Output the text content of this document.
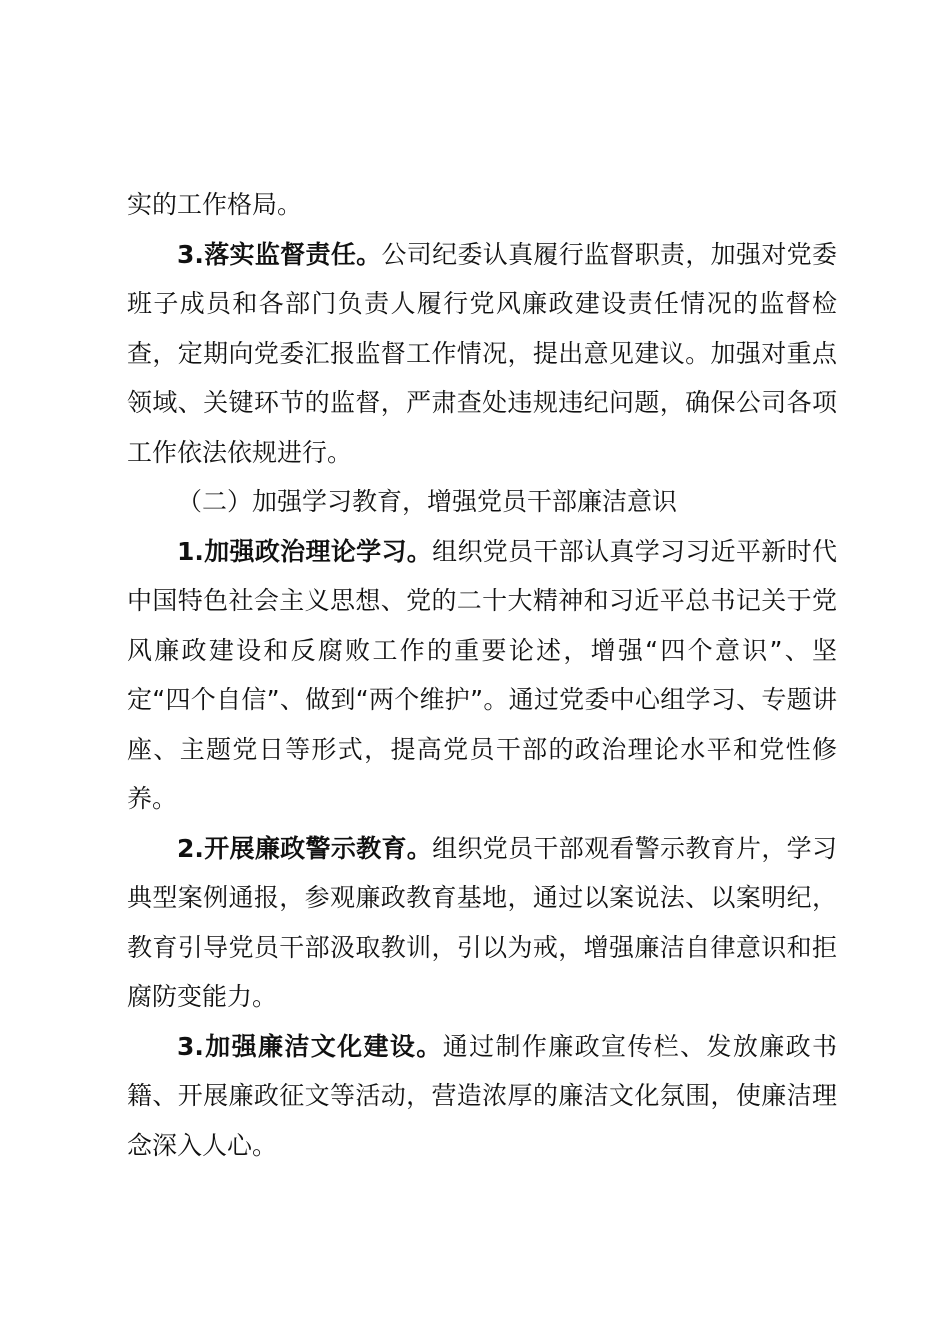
实的工作格局。

3.落实监督责任。公司纪委认真履行监督职责，加强对党委班子成员和各部门负责人履行党风廉政建设责任情况的监督检查，定期向党委汇报监督工作情况，提出意见建议。加强对重点领域、关键环节的监督，严肃查处违规违纪问题，确保公司各项工作依法依规进行。

（二）加强学习教育，增强党员干部廉洁意识

1.加强政治理论学习。组织党员干部认真学习习近平新时代中国特色社会主义思想、党的二十大精神和习近平总书记关于党风廉政建设和反腐败工作的重要论述，增强“四个意识”、坚定“四个自信”、做到“两个维护”。通过党委中心组学习、专题讲座、主题党日等形式，提高党员干部的政治理论水平和党性修养。

2.开展廉政警示教育。组织党员干部观看警示教育片，学习典型案例通报，参观廉政教育基地，通过以案说法、以案明纪，教育引导党员干部汲取教训，引以为戒，增强廉洁自律意识和拒腐防变能力。

3.加强廉洁文化建设。通过制作廉政宣传栏、发放廉政书籍、开展廉政征文等活动，营造浓厚的廉洁文化氛围，使廉洁理念深入人心。
